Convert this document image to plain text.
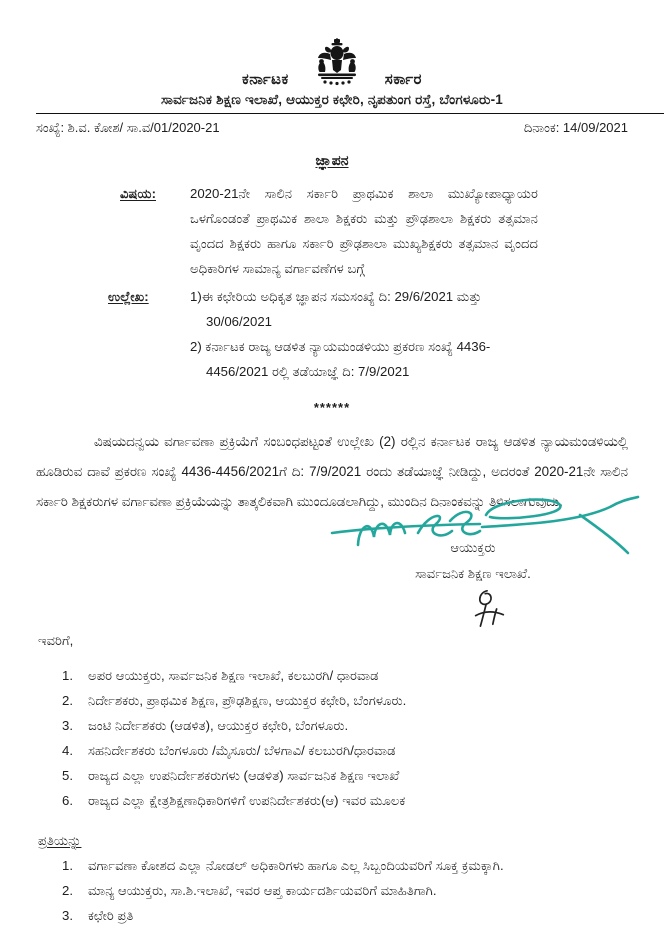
ಕರ್ನಾಟಕ	ಸರ್ಕಾರ
ಸಾರ್ವಜನಿಕ ಶಿಕ್ಷಣ ಇಲಾಖೆ, ಆಯುಕ್ತರ ಕಛೇರಿ, ನೃಪತುಂಗ ರಸ್ತೆ, ಬೆಂಗಳೂರು-1
ಸಂಖ್ಯೆ: ಶಿ.ವ. ಕೋಶ/ ಸಾ.ವ/01/2020-21	ದಿನಾಂಕ: 14/09/2021
ಜ್ಞಾಪನ
ವಿಷಯ:	2020-21ನೇ ಸಾಲಿನ ಸರ್ಕಾರಿ ಪ್ರಾಥಮಿಕ ಶಾಲಾ ಮುಖ್ಯೋಪಾಧ್ಯಾಯರ ಒಳಗೊಂಡಂತೆ ಪ್ರಾಥಮಿಕ ಶಾಲಾ ಶಿಕ್ಷಕರು ಮತ್ತು ಪ್ರೌಢಶಾಲಾ ಶಿಕ್ಷಕರು ತತ್ಸಮಾನ ವೃಂದದ ಶಿಕ್ಷಕರು ಹಾಗೂ ಸರ್ಕಾರಿ ಪ್ರೌಢಶಾಲಾ ಮುಖ್ಯಶಿಕ್ಷಕರು ತತ್ಸಮಾನ ವೃಂದದ ಅಧಿಕಾರಿಗಳ ಸಾಮಾನ್ಯ ವರ್ಗಾವಣೆಗಳ ಬಗ್ಗೆ
ಉಲ್ಲೇಖ:	1)ಈ ಕಛೇರಿಯ ಅಧಿಕೃತ ಜ್ಞಾಪನ ಸಮಸಂಖ್ಯೆ ದಿ: 29/6/2021 ಮತ್ತು 30/06/2021
2) ಕರ್ನಾಟಕ ರಾಜ್ಯ ಆಡಳಿತ ನ್ಯಾಯಮಂಡಳಿಯು ಪ್ರಕರಣ ಸಂಖ್ಯೆ 4436-4456/2021 ರಲ್ಲಿ ತಡೆಯಾಜ್ಞೆ ದಿ: 7/9/2021
******

ವಿಷಯದನ್ವಯ ವರ್ಗಾವಣಾ ಪ್ರಕ್ರಿಯೆಗೆ ಸಂಬಂಧಪಟ್ಟಂತೆ ಉಲ್ಲೇಖ (2) ರಲ್ಲಿನ ಕರ್ನಾಟಕ ರಾಜ್ಯ ಆಡಳಿತ ನ್ಯಾಯಮಂಡಳಿಯಲ್ಲಿ ಹೂಡಿರುವ ದಾವೆ ಪ್ರಕರಣ ಸಂಖ್ಯೆ 4436-4456/2021ಗೆ ದಿ: 7/9/2021 ರಂದು ತಡೆಯಾಜ್ಞೆ ನೀಡಿದ್ದು, ಅದರಂತೆ 2020-21ನೇ ಸಾಲಿನ ಸರ್ಕಾರಿ ಶಿಕ್ಷಕರುಗಳ ವರ್ಗಾವಣಾ ಪ್ರಕ್ರಿಯೆಯನ್ನು ತಾತ್ಕಲಿಕವಾಗಿ ಮುಂದೂಡಲಾಗಿದ್ದು, ಮುಂದಿನ ದಿನಾಂಕವನ್ನು ತಿಳಿಸಲಾಗುವುದು.

ಆಯುಕ್ತರು
ಸಾರ್ವಜನಿಕ ಶಿಕ್ಷಣ ಇಲಾಖೆ.
ಇವರಿಗೆ,
1.	ಅಪರ ಆಯುಕ್ತರು, ಸಾರ್ವಜನಿಕ ಶಿಕ್ಷಣ ಇಲಾಖೆ, ಕಲಬುರಗಿ/ ಧಾರವಾಡ
2.	ನಿರ್ದೇಶಕರು, ಪ್ರಾಥಮಿಕ ಶಿಕ್ಷಣ, ಪ್ರೌಢಶಿಕ್ಷಣ, ಆಯುಕ್ತರ ಕಛೇರಿ, ಬೆಂಗಳೂರು.
3.	ಜಂಟಿ ನಿರ್ದೇಶಕರು (ಆಡಳಿತ), ಆಯುಕ್ತರ ಕಛೇರಿ, ಬೆಂಗಳೂರು.
4.	ಸಹನಿರ್ದೇಶಕರು ಬೆಂಗಳೂರು /ಮೈಸೂರು/ ಬೆಳಗಾವಿ/ ಕಲಬುರಗಿ/ಧಾರವಾಡ
5.	ರಾಜ್ಯದ ಎಲ್ಲಾ ಉಪನಿರ್ದೇಶಕರುಗಳು (ಆಡಳಿತ) ಸಾರ್ವಜನಿಕ ಶಿಕ್ಷಣ ಇಲಾಖೆ
6.	ರಾಜ್ಯದ ಎಲ್ಲಾ ಕ್ಷೇತ್ರಶಿಕ್ಷಣಾಧಿಕಾರಿಗಳಿಗೆ ಉಪನಿರ್ದೇಶಕರು(ಆ) ಇವರ ಮೂಲಕ
ಪ್ರತಿಯನ್ನು
1.	ವರ್ಗಾವಣಾ ಕೋಶದ ಎಲ್ಲಾ ನೋಡಲ್ ಅಧಿಕಾರಿಗಳು ಹಾಗೂ ಎಲ್ಲ ಸಿಬ್ಬಂದಿಯವರಿಗೆ ಸೂಕ್ತ ಕ್ರಮಕ್ಕಾಗಿ.
2.	ಮಾನ್ಯ ಆಯುಕ್ತರು, ಸಾ.ಶಿ.ಇಲಾಖೆ, ಇವರ ಆಪ್ತ ಕಾರ್ಯದರ್ಶಿಯವರಿಗೆ ಮಾಹಿತಿಗಾಗಿ.
3.	ಕಛೇರಿ ಪ್ರತಿ
